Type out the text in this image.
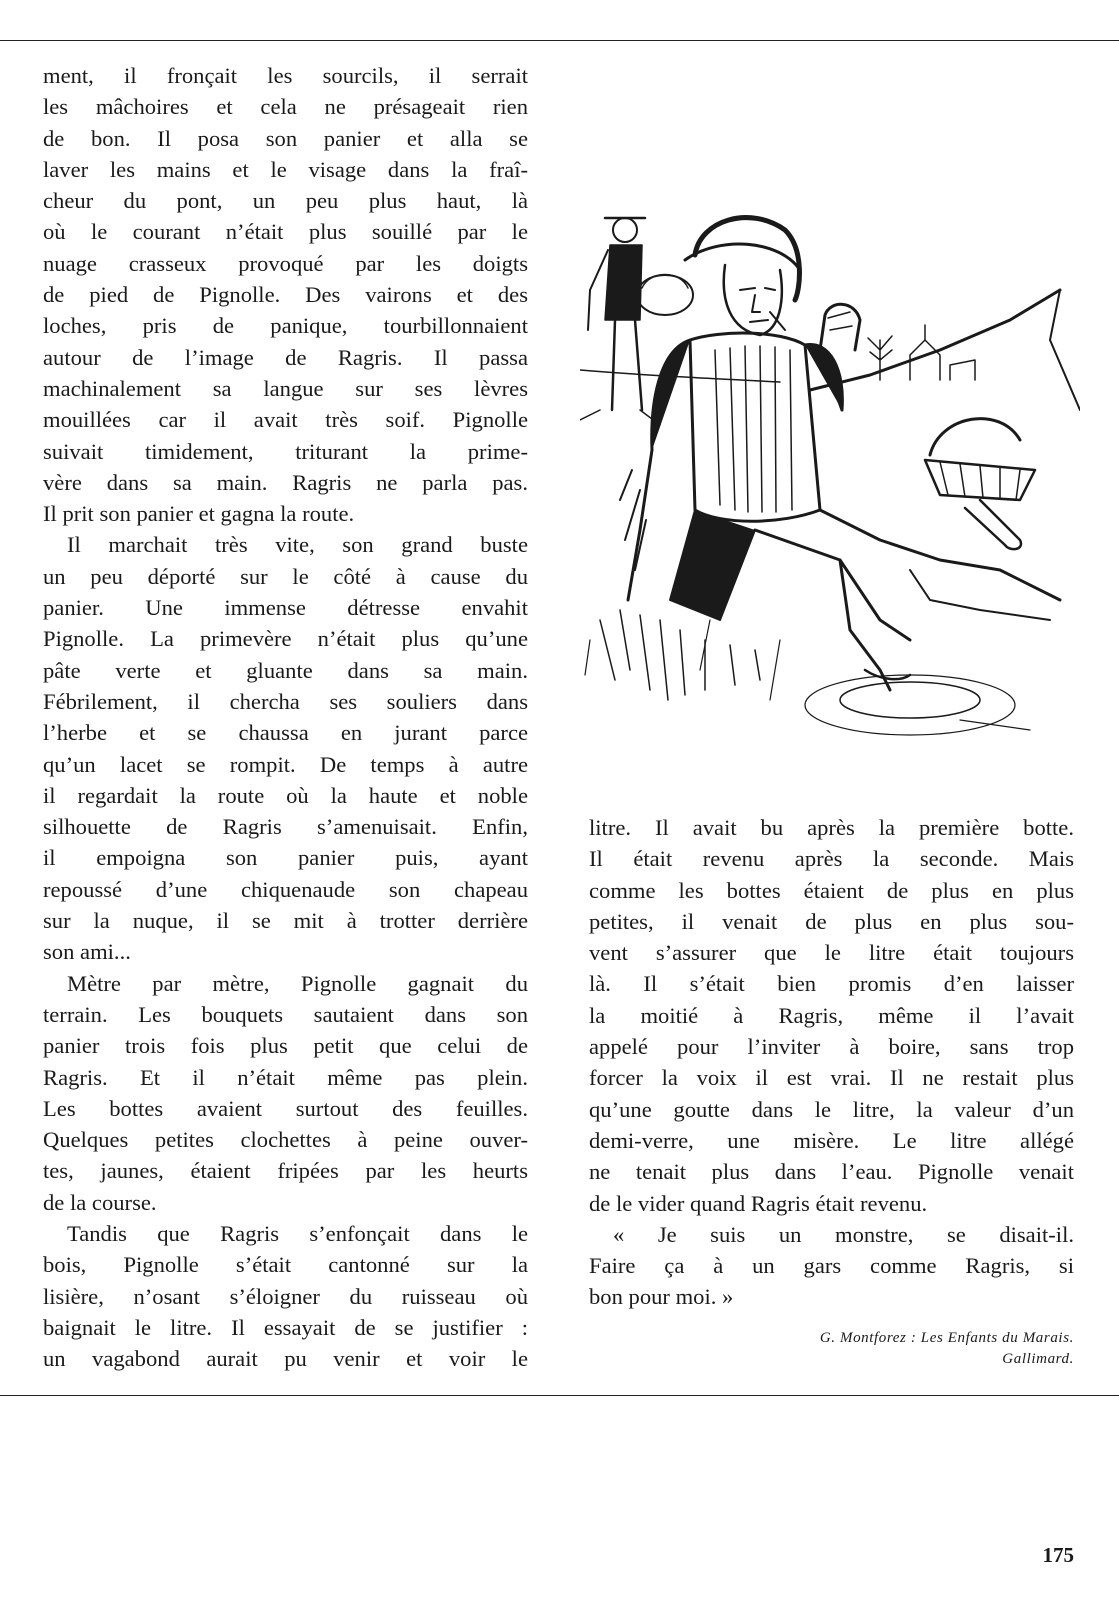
ment, il fronçait les sourcils, il serrait

les mâchoires et cela ne présageait rien

de bon. Il posa son panier et alla se

laver les mains et le visage dans la fraî-

cheur du pont, un peu plus haut, là

où le courant n’était plus souillé par le

nuage crasseux provoqué par les doigts

de pied de Pignolle. Des vairons et des

loches, pris de panique, tourbillonnaient

autour de l’image de Ragris. Il passa

machinalement sa langue sur ses lèvres

mouillées car il avait très soif. Pignolle

suivait timidement, triturant la prime-

vère dans sa main. Ragris ne parla pas.

Il prit son panier et gagna la route.

Il marchait très vite, son grand buste

un peu déporté sur le côté à cause du

panier. Une immense détresse envahit

Pignolle. La primevère n’était plus qu’une

pâte verte et gluante dans sa main.

Fébrilement, il chercha ses souliers dans

l’herbe et se chaussa en jurant parce

qu’un lacet se rompit. De temps à autre

il regardait la route où la haute et noble

silhouette de Ragris s’amenuisait. Enfin,

il empoigna son panier puis, ayant

repoussé d’une chiquenaude son chapeau

sur la nuque, il se mit à trotter derrière

son ami...

Mètre par mètre, Pignolle gagnait du

terrain. Les bouquets sautaient dans son

panier trois fois plus petit que celui de

Ragris. Et il n’était même pas plein.

Les bottes avaient surtout des feuilles.

Quelques petites clochettes à peine ouver-

tes, jaunes, étaient fripées par les heurts

de la course.

Tandis que Ragris s’enfonçait dans le

bois, Pignolle s’était cantonné sur la

lisière, n’osant s’éloigner du ruisseau où

baignait le litre. Il essayait de se justifier :

un vagabond aurait pu venir et voir le

litre. Il avait bu après la première botte.

Il était revenu après la seconde. Mais

comme les bottes étaient de plus en plus

petites, il venait de plus en plus sou-

vent s’assurer que le litre était toujours

là. Il s’était bien promis d’en laisser

la moitié à Ragris, même il l’avait

appelé pour l’inviter à boire, sans trop

forcer la voix il est vrai. Il ne restait plus

qu’une goutte dans le litre, la valeur d’un

demi-verre, une misère. Le litre allégé

ne tenait plus dans l’eau. Pignolle venait

de le vider quand Ragris était revenu.

« Je suis un monstre, se disait-il.

Faire ça à un gars comme Ragris, si

bon pour moi. »

G. Montforez : Les Enfants du Marais.
Gallimard.
175
